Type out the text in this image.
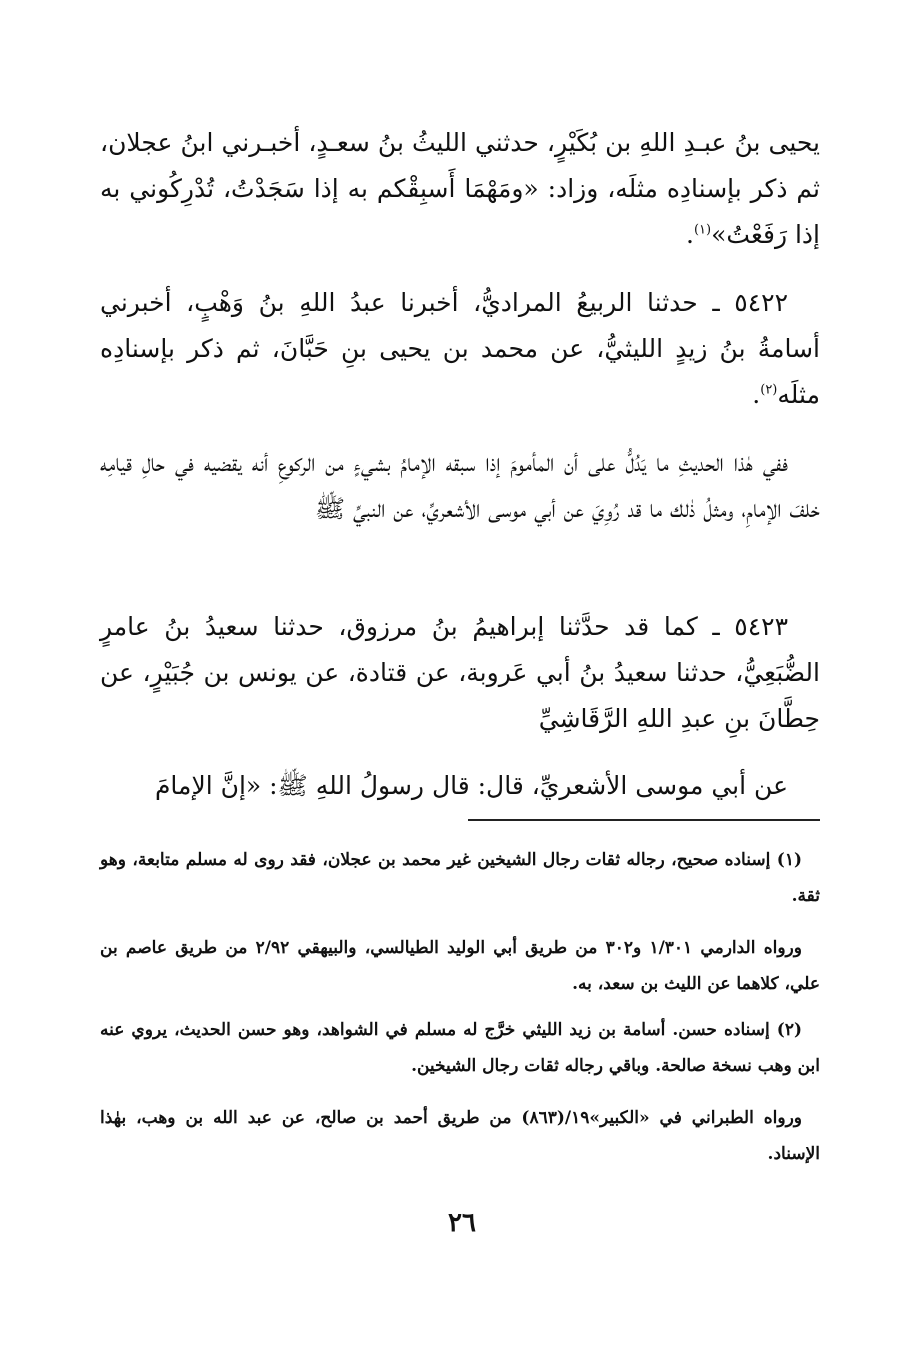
يحيى بنُ عبـدِ اللهِ بن بُكَيْرٍ، حدثني الليثُ بنُ سعـدٍ، أخبـرني ابنُ عجلان، ثم ذكر بإسنادِه مثلَه، وزاد: «ومَهْمَا أَسبِقْكم به إذا سَجَدْتُ، تُدْرِكُوني به إذا رَفَعْتُ»$^{(١)}$.
٥٤٢٢ ـ حدثنا الربيعُ المراديُّ، أخبرنا عبدُ اللهِ بنُ وَهْبٍ، أخبرني أسامةُ بنُ زيدٍ الليثيُّ، عن محمد بن يحيى بنِ حَبَّانَ، ثم ذكر بإسنادِه مثلَه$^{(٢)}$.
ففي هٰذا الحديثِ ما يَدُلُّ على أن المأمومَ إذا سبقه الإمامُ بشيءٍ من الركوعِ أنه يقضيه في حالِ قيامِه خلفَ الإمامِ، ومثلُ ذٰلك ما قد رُوِيَ عن أبي موسى الأشعريِّ، عن النبيِّ ﷺ
٥٤٢٣ ـ كما قد حدَّثنا إبراهيمُ بنُ مرزوق، حدثنا سعيدُ بنُ عامرٍ الضُّبَعِيُّ، حدثنا سعيدُ بنُ أبي عَروبة، عن قتادة، عن يونس بن جُبَيْرٍ، عن حِطَّانَ بنِ عبدِ اللهِ الرَّقَاشِيِّ
عن أبي موسى الأشعريِّ، قال: قال رسولُ اللهِ ﷺ: «إنَّ الإمامَ
(١) إسناده صحيح، رجاله ثقات رجال الشيخين غير محمد بن عجلان، فقد روى له مسلم متابعة، وهو ثقة.
ورواه الدارمي ١/٣٠١ و٣٠٢ من طريق أبي الوليد الطيالسي، والبيهقي ٢/٩٢ من طريق عاصم بن علي، كلاهما عن الليث بن سعد، به.
(٢) إسناده حسن. أسامة بن زيد الليثي خرَّج له مسلم في الشواهد، وهو حسن الحديث، يروي عنه ابن وهب نسخة صالحة. وباقي رجاله ثقات رجال الشيخين.
ورواه الطبراني في «الكبير»١٩/(٨٦٣) من طريق أحمد بن صالح، عن عبد الله بن وهب، بهٰذا الإسناد.
٢٦
